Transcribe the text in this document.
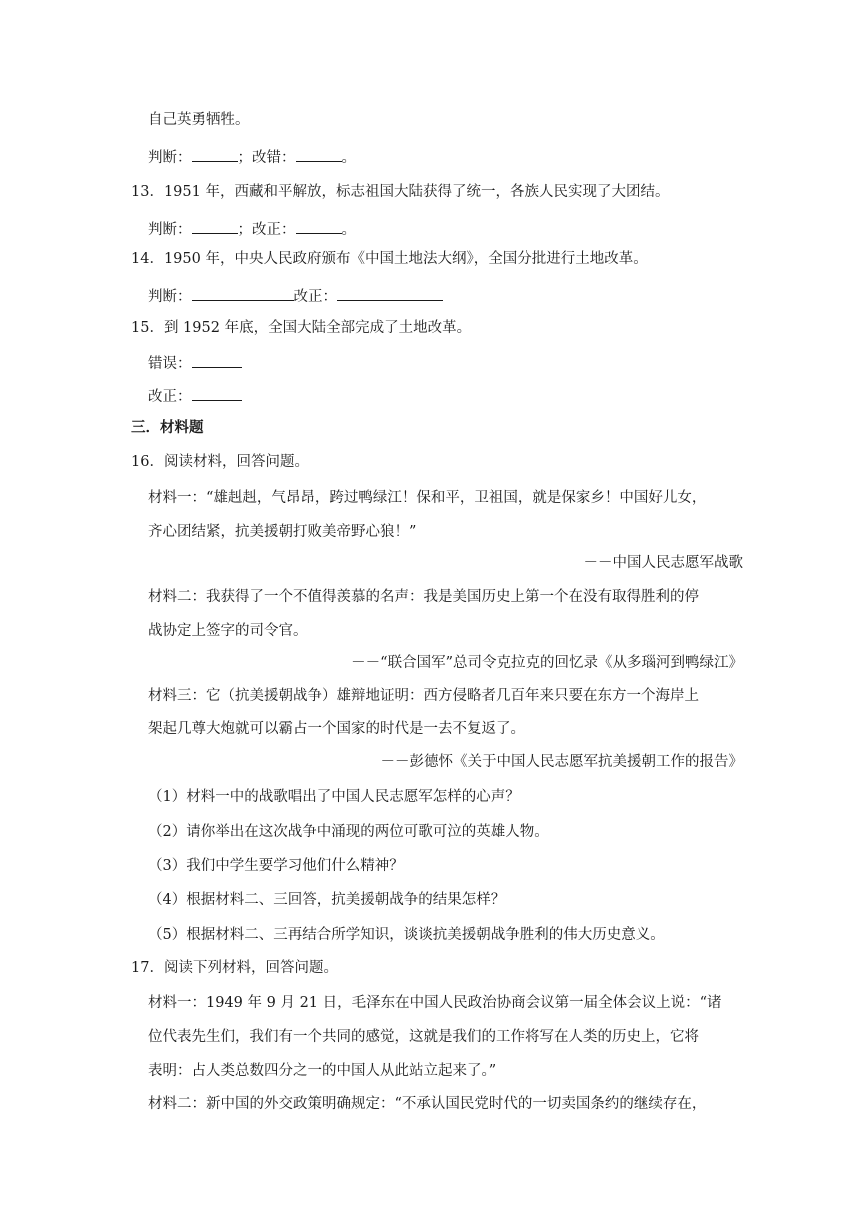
自己英勇牺牲。
判断：	；改错：	。
13．1951 年，西藏和平解放，标志祖国大陆获得了统一，各族人民实现了大团结。
判断：	；改正：	。
14．1950 年，中央人民政府颁布《中国土地法大纲》，全国分批进行土地改革。
判断：	改正：
15．到 1952 年底，全国大陆全部完成了土地改革。
错误：
改正：
三．材料题
16．阅读材料，回答问题。
材料一：“雄赳赳，气昂昂，跨过鸭绿江！保和平，卫祖国，就是保家乡！中国好儿女，
齐心团结紧，抗美援朝打败美帝野心狼！”
－－中国人民志愿军战歌
材料二：我获得了一个不值得羡慕的名声：我是美国历史上第一个在没有取得胜利的停
战协定上签字的司令官。
－－“联合国军”总司令克拉克的回忆录《从多瑙河到鸭绿江》
材料三：它（抗美援朝战争）雄辩地证明：西方侵略者几百年来只要在东方一个海岸上
架起几尊大炮就可以霸占一个国家的时代是一去不复返了。
－－彭德怀《关于中国人民志愿军抗美援朝工作的报告》
（1）材料一中的战歌唱出了中国人民志愿军怎样的心声？
（2）请你举出在这次战争中涌现的两位可歌可泣的英雄人物。
（3）我们中学生要学习他们什么精神？
（4）根据材料二、三回答，抗美援朝战争的结果怎样？
（5）根据材料二、三再结合所学知识，谈谈抗美援朝战争胜利的伟大历史意义。
17．阅读下列材料，回答问题。
材料一：1949 年 9 月 21 日，毛泽东在中国人民政治协商会议第一届全体会议上说：“诸
位代表先生们，我们有一个共同的感觉，这就是我们的工作将写在人类的历史上，它将
表明：占人类总数四分之一的中国人从此站立起来了。”
材料二：新中国的外交政策明确规定：“不承认国民党时代的一切卖国条约的继续存在，
